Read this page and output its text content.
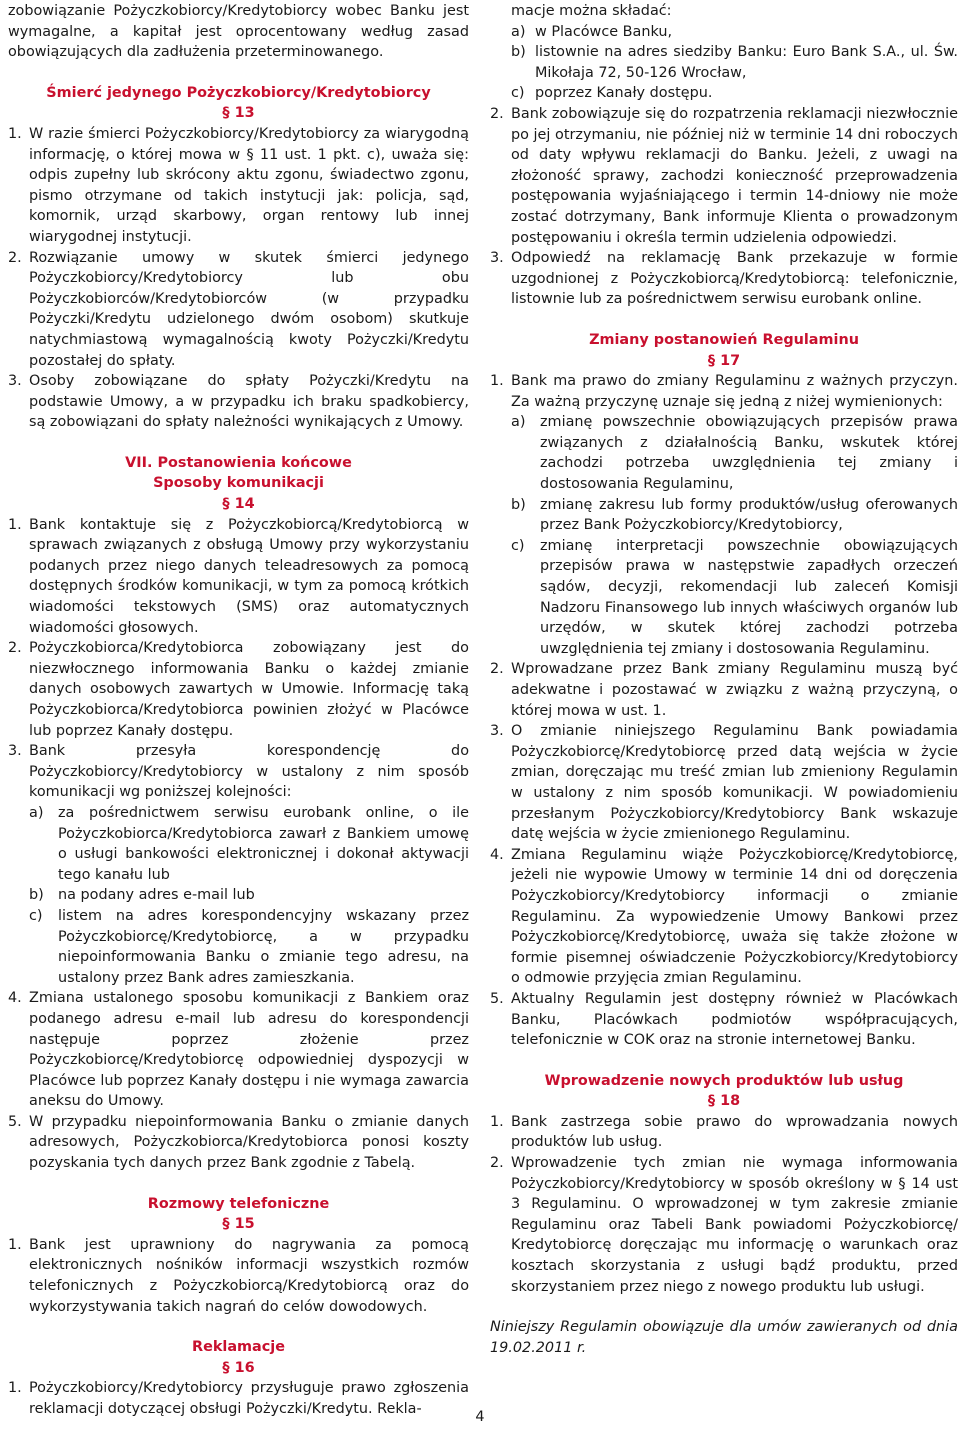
zobowiązanie Pożyczkobiorcy/Kredytobiorcy wobec Banku jest wymagalne, a kapitał jest oprocentowany według zasad obowiązujących dla zadłużenia przeterminowanego.

Śmierć jedynego Pożyczkobiorcy/Kredytobiorcy
§ 13
1. W razie śmierci Pożyczkobiorcy/Kredytobiorcy za wiarygodną informację, o której mowa w § 11 ust. 1 pkt. c), uważa się: odpis zupełny lub skrócony aktu zgonu, świadectwo zgonu, pismo otrzymane od takich instytucji jak: policja, sąd, komornik, urząd skarbowy, organ rentowy lub innej wiarygodnej instytucji.
2. Rozwiązanie umowy w skutek śmierci jedynego Pożyczkobiorcy/Kredytobiorcy lub obu Pożyczkobiorców/Kredytobiorców (w przypadku Pożyczki/Kredytu udzielonego dwóm osobom) skutkuje natychmiastową wymagalnością kwoty Pożyczki/Kredytu pozostałej do spłaty.
3. Osoby zobowiązane do spłaty Pożyczki/Kredytu na podstawie Umowy, a w przypadku ich braku spadkobiercy, są zobowiązani do spłaty należności wynikających z Umowy.
VII. Postanowienia końcowe
Sposoby komunikacji
§ 14
1. Bank kontaktuje się z Pożyczkobiorcą/Kredytobiorcą w sprawach związanych z obsługą Umowy przy wykorzystaniu podanych przez niego danych teleadresowych za pomocą dostępnych środków komunikacji, w tym za pomocą krótkich wiadomości tekstowych (SMS) oraz automatycznych wiadomości głosowych.
2. Pożyczkobiorca/Kredytobiorca zobowiązany jest do niezwłocznego informowania Banku o każdej zmianie danych osobowych zawartych w Umowie. Informację taką Pożyczkobiorca/Kredytobiorca powinien złożyć w Placówce lub poprzez Kanały dostępu.
3. Bank przesyła korespondencję do Pożyczkobiorcy/Kredytobiorcy w ustalony z nim sposób komunikacji wg poniższej kolejności:
a) za pośrednictwem serwisu eurobank online, o ile Pożyczkobiorca/Kredytobiorca zawarł z Bankiem umowę o usługi bankowości elektronicznej i dokonał aktywacji tego kanału lub
b) na podany adres e-mail lub
c) listem na adres korespondencyjny wskazany przez Pożyczkobiorcę/Kredytobiorcę, a w przypadku niepoinformowania Banku o zmianie tego adresu, na ustalony przez Bank adres zamieszkania.
4. Zmiana ustalonego sposobu komunikacji z Bankiem oraz podanego adresu e-mail lub adresu do korespondencji następuje poprzez złożenie przez Pożyczkobiorcę/Kredytobiorcę odpowiedniej dyspozycji w Placówce lub poprzez Kanały dostępu i nie wymaga zawarcia aneksu do Umowy.
5. W przypadku niepoinformowania Banku o zmianie danych adresowych, Pożyczkobiorca/Kredytobiorca ponosi koszty pozyskania tych danych przez Bank zgodnie z Tabelą.
Rozmowy telefoniczne
§ 15
1. Bank jest uprawniony do nagrywania za pomocą elektronicznych nośników informacji wszystkich rozmów telefonicznych z Pożyczkobiorcą/Kredytobiorcą oraz do wykorzystywania takich nagrań do celów dowodowych.
Reklamacje
§ 16
1. Pożyczkobiorcy/Kredytobiorcy przysługuje prawo zgłoszenia reklamacji dotyczącej obsługi Pożyczki/Kredytu. Rekla-
macje można składać:
a) w Placówce Banku,
b) listownie na adres siedziby Banku: Euro Bank S.A., ul. Św. Mikołaja 72, 50-126 Wrocław,
c) poprzez Kanały dostępu.
2. Bank zobowiązuje się do rozpatrzenia reklamacji niezwłocznie po jej otrzymaniu, nie później niż w terminie 14 dni roboczych od daty wpływu reklamacji do Banku. Jeżeli, z uwagi na złożoność sprawy, zachodzi konieczność przeprowadzenia postępowania wyjaśniającego i termin 14-dniowy nie może zostać dotrzymany, Bank informuje Klienta o prowadzonym postępowaniu i określa termin udzielenia odpowiedzi.
3. Odpowiedź na reklamację Bank przekazuje w formie uzgodnionej z Pożyczkobiorcą/Kredytobiorcą: telefonicznie, listownie lub za pośrednictwem serwisu eurobank online.
Zmiany postanowień Regulaminu
§ 17
1. Bank ma prawo do zmiany Regulaminu z ważnych przyczyn. Za ważną przyczynę uznaje się jedną z niżej wymienionych:
a) zmianę powszechnie obowiązujących przepisów prawa związanych z działalnością Banku, wskutek której zachodzi potrzeba uwzględnienia tej zmiany i dostosowania Regulaminu,
b) zmianę zakresu lub formy produktów/usług oferowanych przez Bank Pożyczkobiorcy/Kredytobiorcy,
c) zmianę interpretacji powszechnie obowiązujących przepisów prawa w następstwie zapadłych orzeczeń sądów, decyzji, rekomendacji lub zaleceń Komisji Nadzoru Finansowego lub innych właściwych organów lub urzędów, w skutek której zachodzi potrzeba uwzględnienia tej zmiany i dostosowania Regulaminu.
2. Wprowadzane przez Bank zmiany Regulaminu muszą być adekwatne i pozostawać w związku z ważną przyczyną, o której mowa w ust. 1.
3. O zmianie niniejszego Regulaminu Bank powiadamia Pożyczkobiorcę/Kredytobiorcę przed datą wejścia w życie zmian, doręczając mu treść zmian lub zmieniony Regulamin w ustalony z nim sposób komunikacji. W powiadomieniu przesłanym Pożyczkobiorcy/Kredytobiorcy Bank wskazuje datę wejścia w życie zmienionego Regulaminu.
4. Zmiana Regulaminu wiąże Pożyczkobiorcę/Kredytobiorcę, jeżeli nie wypowie Umowy w terminie 14 dni od doręczenia Pożyczkobiorcy/Kredytobiorcy informacji o zmianie Regulaminu. Za wypowiedzenie Umowy Bankowi przez Pożyczkobiorcę/Kredytobiorcę, uważa się także złożone w formie pisemnej oświadczenie Pożyczkobiorcy/Kredytobiorcy o odmowie przyjęcia zmian Regulaminu.
5. Aktualny Regulamin jest dostępny również w Placówkach Banku, Placówkach podmiotów współpracujących, telefonicznie w COK oraz na stronie internetowej Banku.
Wprowadzenie nowych produktów lub usług
§ 18
1. Bank zastrzega sobie prawo do wprowadzania nowych produktów lub usług.
2. Wprowadzenie tych zmian nie wymaga informowania Pożyczkobiorcy/Kredytobiorcy w sposób określony w § 14 ust 3 Regulaminu. O wprowadzonej w tym zakresie zmianie Regulaminu oraz Tabeli Bank powiadomi Pożyczkobiorcę/ Kredytobiorcę doręczając mu informację o warunkach oraz kosztach skorzystania z usługi bądź produktu, przed skorzystaniem przez niego z nowego produktu lub usługi.

Niniejszy Regulamin obowiązuje dla umów zawieranych od dnia 19.02.2011 r.

4
